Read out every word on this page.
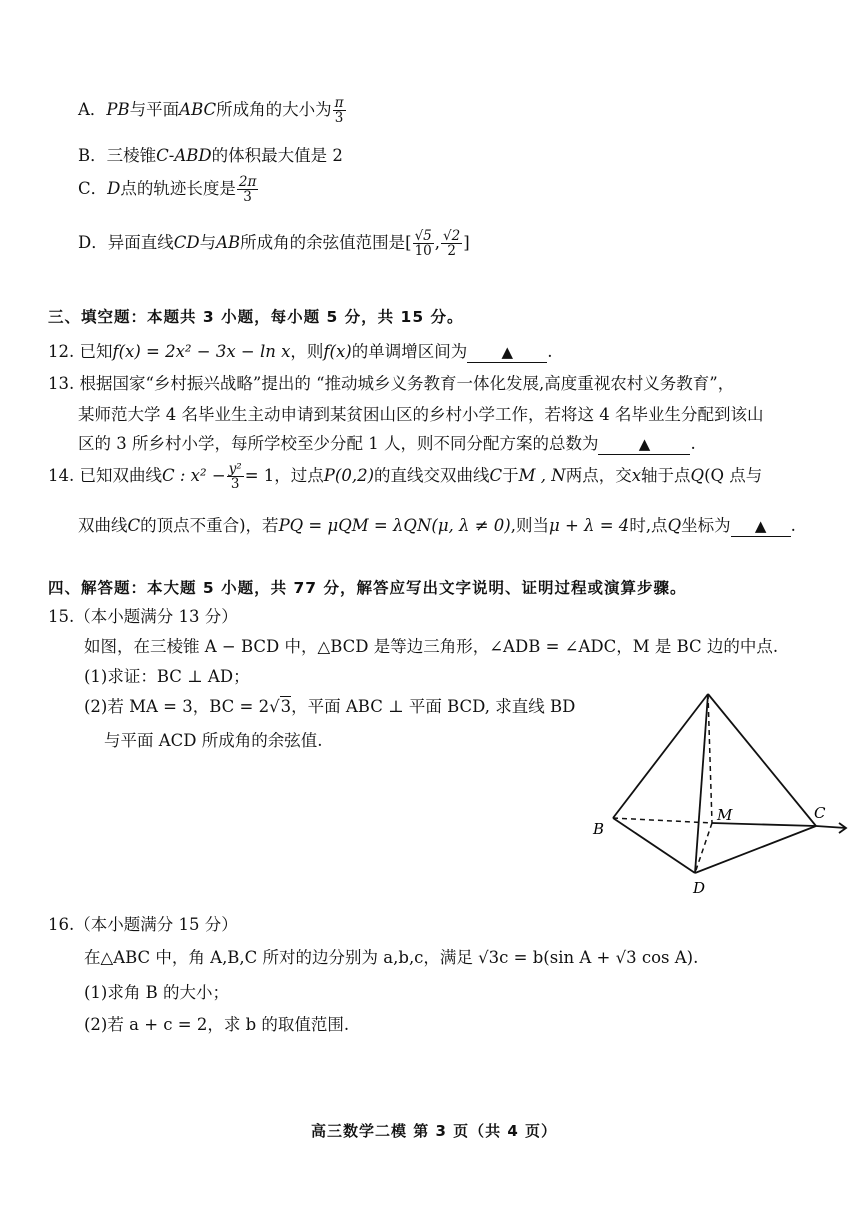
A．PB与平面ABC所成角的大小为 $\frac{\pi}{3}$
B．三棱锥C-ABD的体积最大值是 2
C．D点的轨迹长度是 $\frac{2\pi}{3}$
D．异面直线CD与AB所成角的余弦值范围是[ $\frac{√5}{10}$ , $\frac{√2}{2}$ ]
三、填空题：本题共 3 小题，每小题 5 分，共 15 分。
12. 已知f(x) = 2x² − 3x − ln x，则f(x)的单调增区间为 ▲ .
13. 根据国家“乡村振兴战略”提出的 “推动城乡义务教育一体化发展,高度重视农村义务教育”，
某师范大学 4 名毕业生主动申请到某贫困山区的乡村小学工作，若将这 4 名毕业生分配到该山
区的 3 所乡村小学，每所学校至少分配 1 人，则不同分配方案的总数为	▲ .
14. 已知双曲线C : $x^2 - \frac{\text{y²}}{3} = 1$，过点P(0,2)的直线交双曲线C于M , N两点，交x轴于点Q(Q 点与
双曲线C的顶点不重合)，若PQ = μQM = λQN(μ, λ ≠ 0),则当μ + λ = 4时,点Q坐标为 ▲ .
四、解答题：本大题 5 小题，共 77 分，解答应写出文字说明、证明过程或演算步骤。
15.（本小题满分 13 分）
如图，在三棱锥 A − BCD 中，△BCD 是等边三角形，∠ADB = ∠ADC，M 是 BC 边的中点.
(1)求证：BC ⊥ AD；
(2)若 MA = 3，BC = 2√3，平面 ABC ⊥ 平面 BCD, 求直线 BD
与平面 ACD 所成角的余弦值.
B
M	C
D
16.（本小题满分 15 分）
在△ABC 中，角 A,B,C 所对的边分别为 a,b,c，满足 √3c = b(sin A + √3 cos A).
(1)求角 B 的大小；
(2)若 a + c = 2，求 b 的取值范围.
高三数学二模 第 3 页（共 4 页）
